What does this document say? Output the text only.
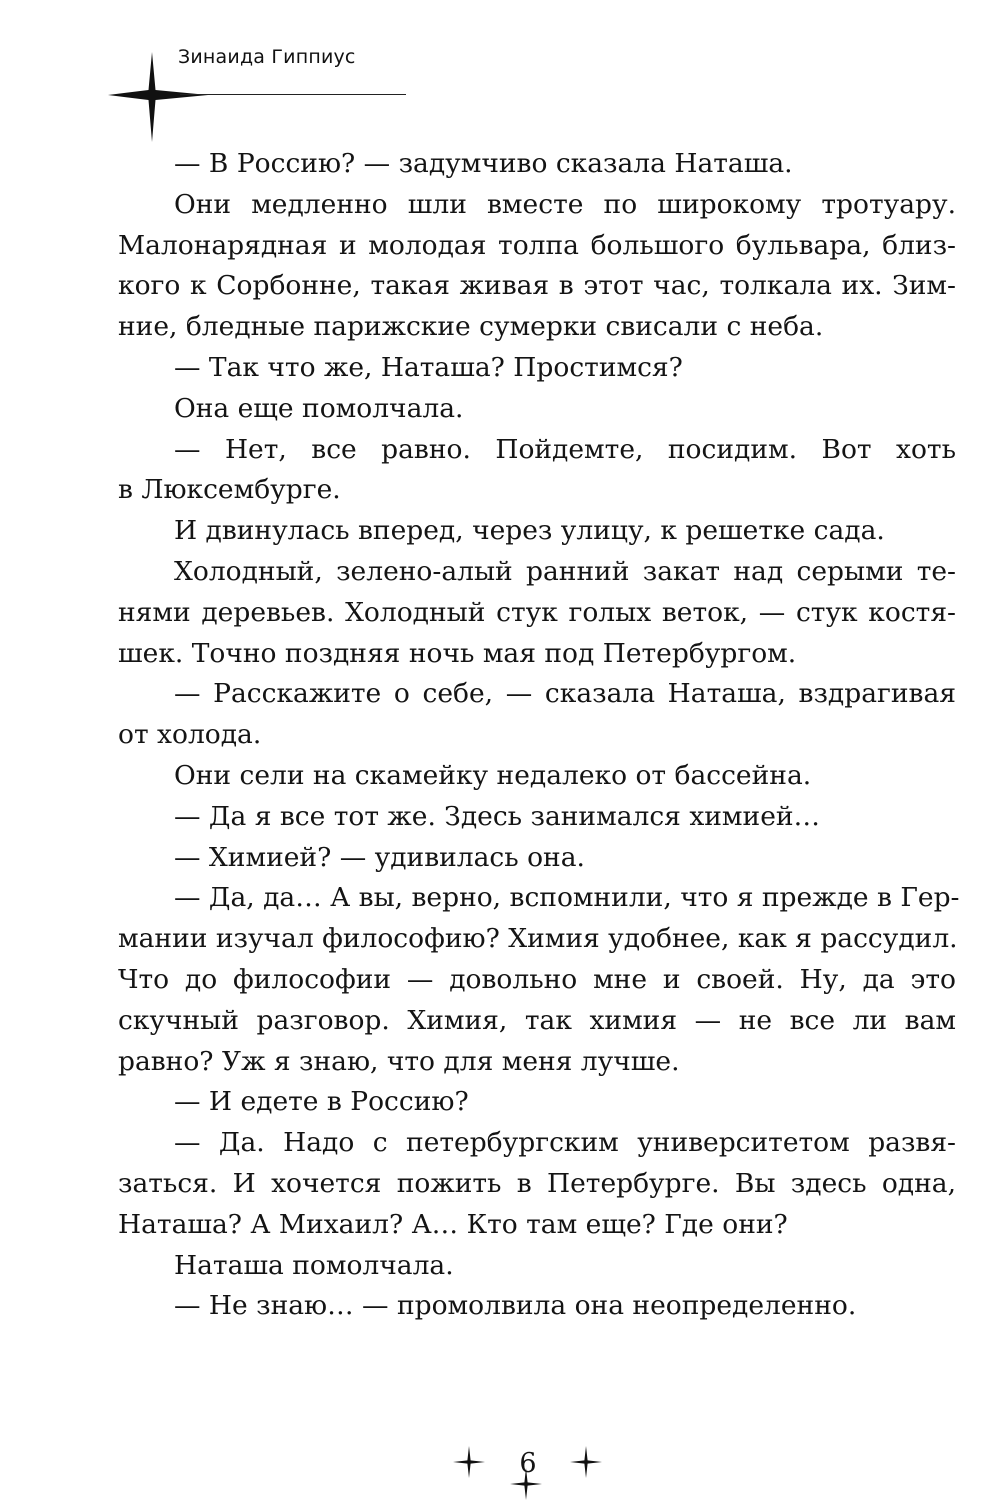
Зинаида Гиппиус
— В Россию? — задумчиво сказала Наташа.
Они медленно шли вместе по широкому тротуару.
Малонарядная и молодая толпа большого бульвара, близ-
кого к Сорбонне, такая живая в этот час, толкала их. Зим-
ние, бледные парижские сумерки свисали с неба.
— Так что же, Наташа? Простимся?
Она еще помолчала.
— Нет, все равно. Пойдемте, посидим. Вот хоть
в Люксембурге.
И двинулась вперед, через улицу, к решетке сада.
Холодный, зелено-алый ранний закат над серыми те-
нями деревьев. Холодный стук голых веток, — стук костя-
шек. Точно поздняя ночь мая под Петербургом.
— Расскажите о себе, — сказала Наташа, вздрагивая
от холода.
Они сели на скамейку недалеко от бассейна.
— Да я все тот же. Здесь занимался химией…
— Химией? — удивилась она.
— Да, да… А вы, верно, вспомнили, что я прежде в Гер-
мании изучал философию? Химия удобнее, как я рассудил.
Что до философии — довольно мне и своей. Ну, да это
скучный разговор. Химия, так химия — не все ли вам
равно? Уж я знаю, что для меня лучше.
— И едете в Россию?
— Да. Надо с петербургским университетом развя-
заться. И хочется пожить в Петербурге. Вы здесь одна,
Наташа? А Михаил? А… Кто там еще? Где они?
Наташа помолчала.
— Не знаю… — промолвила она неопределенно.
6
